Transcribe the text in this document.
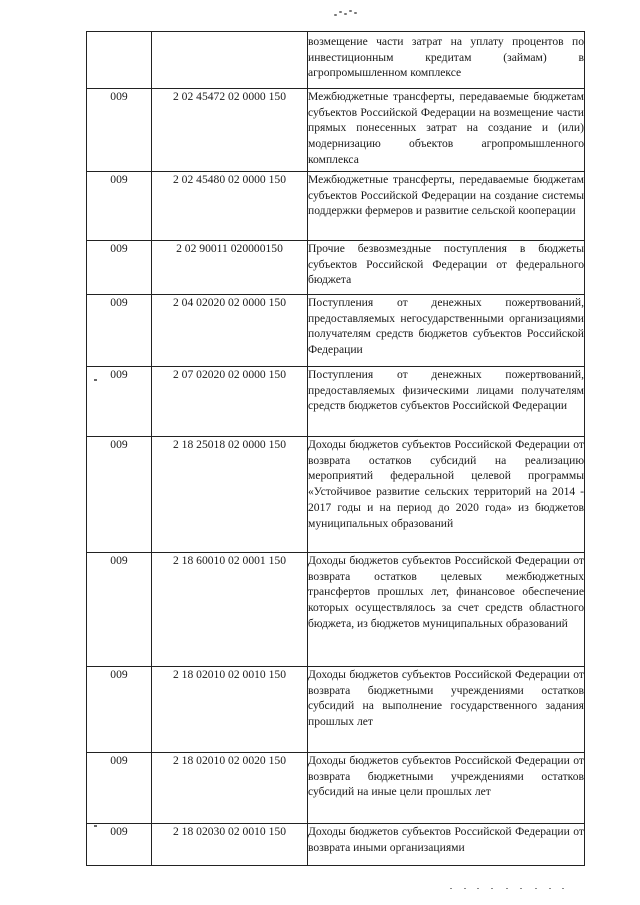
		возмещение части затрат на уплату процентов по инвестиционным кредитам (займам) в агропромышленном комплексе
009	2 02 45472 02 0000 150	Межбюджетные трансферты, передаваемые бюджетам субъектов Российской Федерации на возмещение части прямых понесенных затрат на создание и (или) модернизацию объектов агропромышленного комплекса
009	2 02 45480 02 0000 150	Межбюджетные трансферты, передаваемые бюджетам субъектов Российской Федерации на создание системы поддержки фермеров и развитие сельской кооперации
009	2 02 90011 020000150	Прочие безвозмездные поступления в бюджеты субъектов Российской Федерации от федерального бюджета
009	2 04 02020 02 0000 150	Поступления от денежных пожертвований, предоставляемых негосударственными организациями получателям средств бюджетов субъектов Российской Федерации
009	2 07 02020 02 0000 150	Поступления от денежных пожертвований, предоставляемых физическими лицами получателям средств бюджетов субъектов Российской Федерации
009	2 18 25018 02 0000 150	Доходы бюджетов субъектов Российской Федерации от возврата остатков субсидий на реализацию мероприятий федеральной целевой программы «Устойчивое развитие сельских территорий на 2014 - 2017 годы и на период до 2020 года» из бюджетов муниципальных образований
009	2 18 60010 02 0001 150	Доходы бюджетов субъектов Российской Федерации от возврата остатков целевых межбюджетных трансфертов прошлых лет, финансовое обеспечение которых осуществлялось за счет средств областного бюджета, из бюджетов муниципальных образований
009	2 18 02010 02 0010 150	Доходы бюджетов субъектов Российской Федерации от возврата бюджетными учреждениями остатков субсидий на выполнение государственного задания прошлых лет
009	2 18 02010 02 0020 150	Доходы бюджетов субъектов Российской Федерации от возврата бюджетными учреждениями остатков субсидий на иные цели прошлых лет
009	2 18 02030 02 0010 150	Доходы бюджетов субъектов Российской Федерации от возврата иными организациями
